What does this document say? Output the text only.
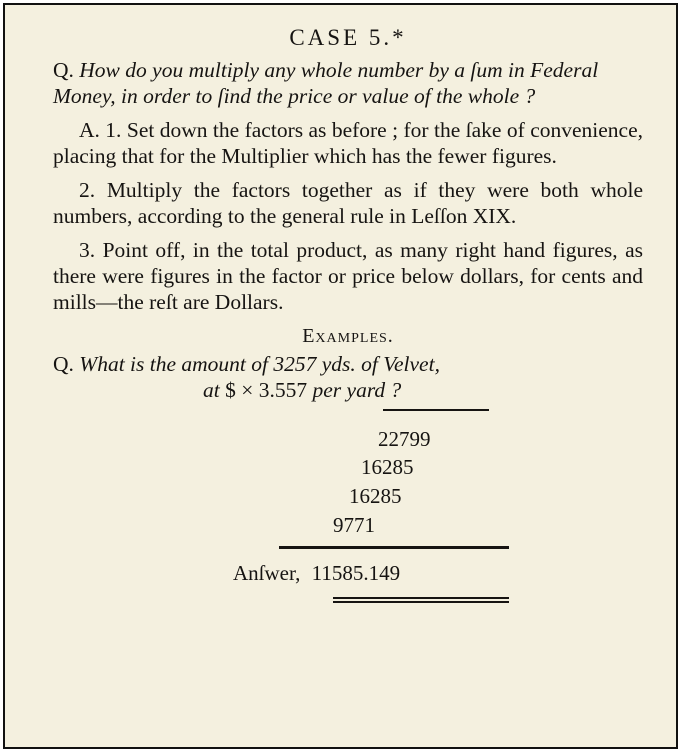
CASE 5.*

Q. How do you multiply any whole number by a ſum in Federal Money, in order to ſind the price or value of the whole ?

A. 1. Set down the factors as before ; for the ſake of convenience, placing that for the Multiplier which has the fewer figures.

2. Multiply the factors together as if they were both whole numbers, according to the general rule in Leſſon XIX.

3. Point off, in the total product, as many right hand figures, as there were figures in the factor or price below dollars, for cents and mills—the reſt are Dollars.

Examples.

Q. What is the amount of 3257 yds. of Velvet,

at $ × 3.557 per yard ?

22799
16285
16285
9771
Anſwer, 11585.149
